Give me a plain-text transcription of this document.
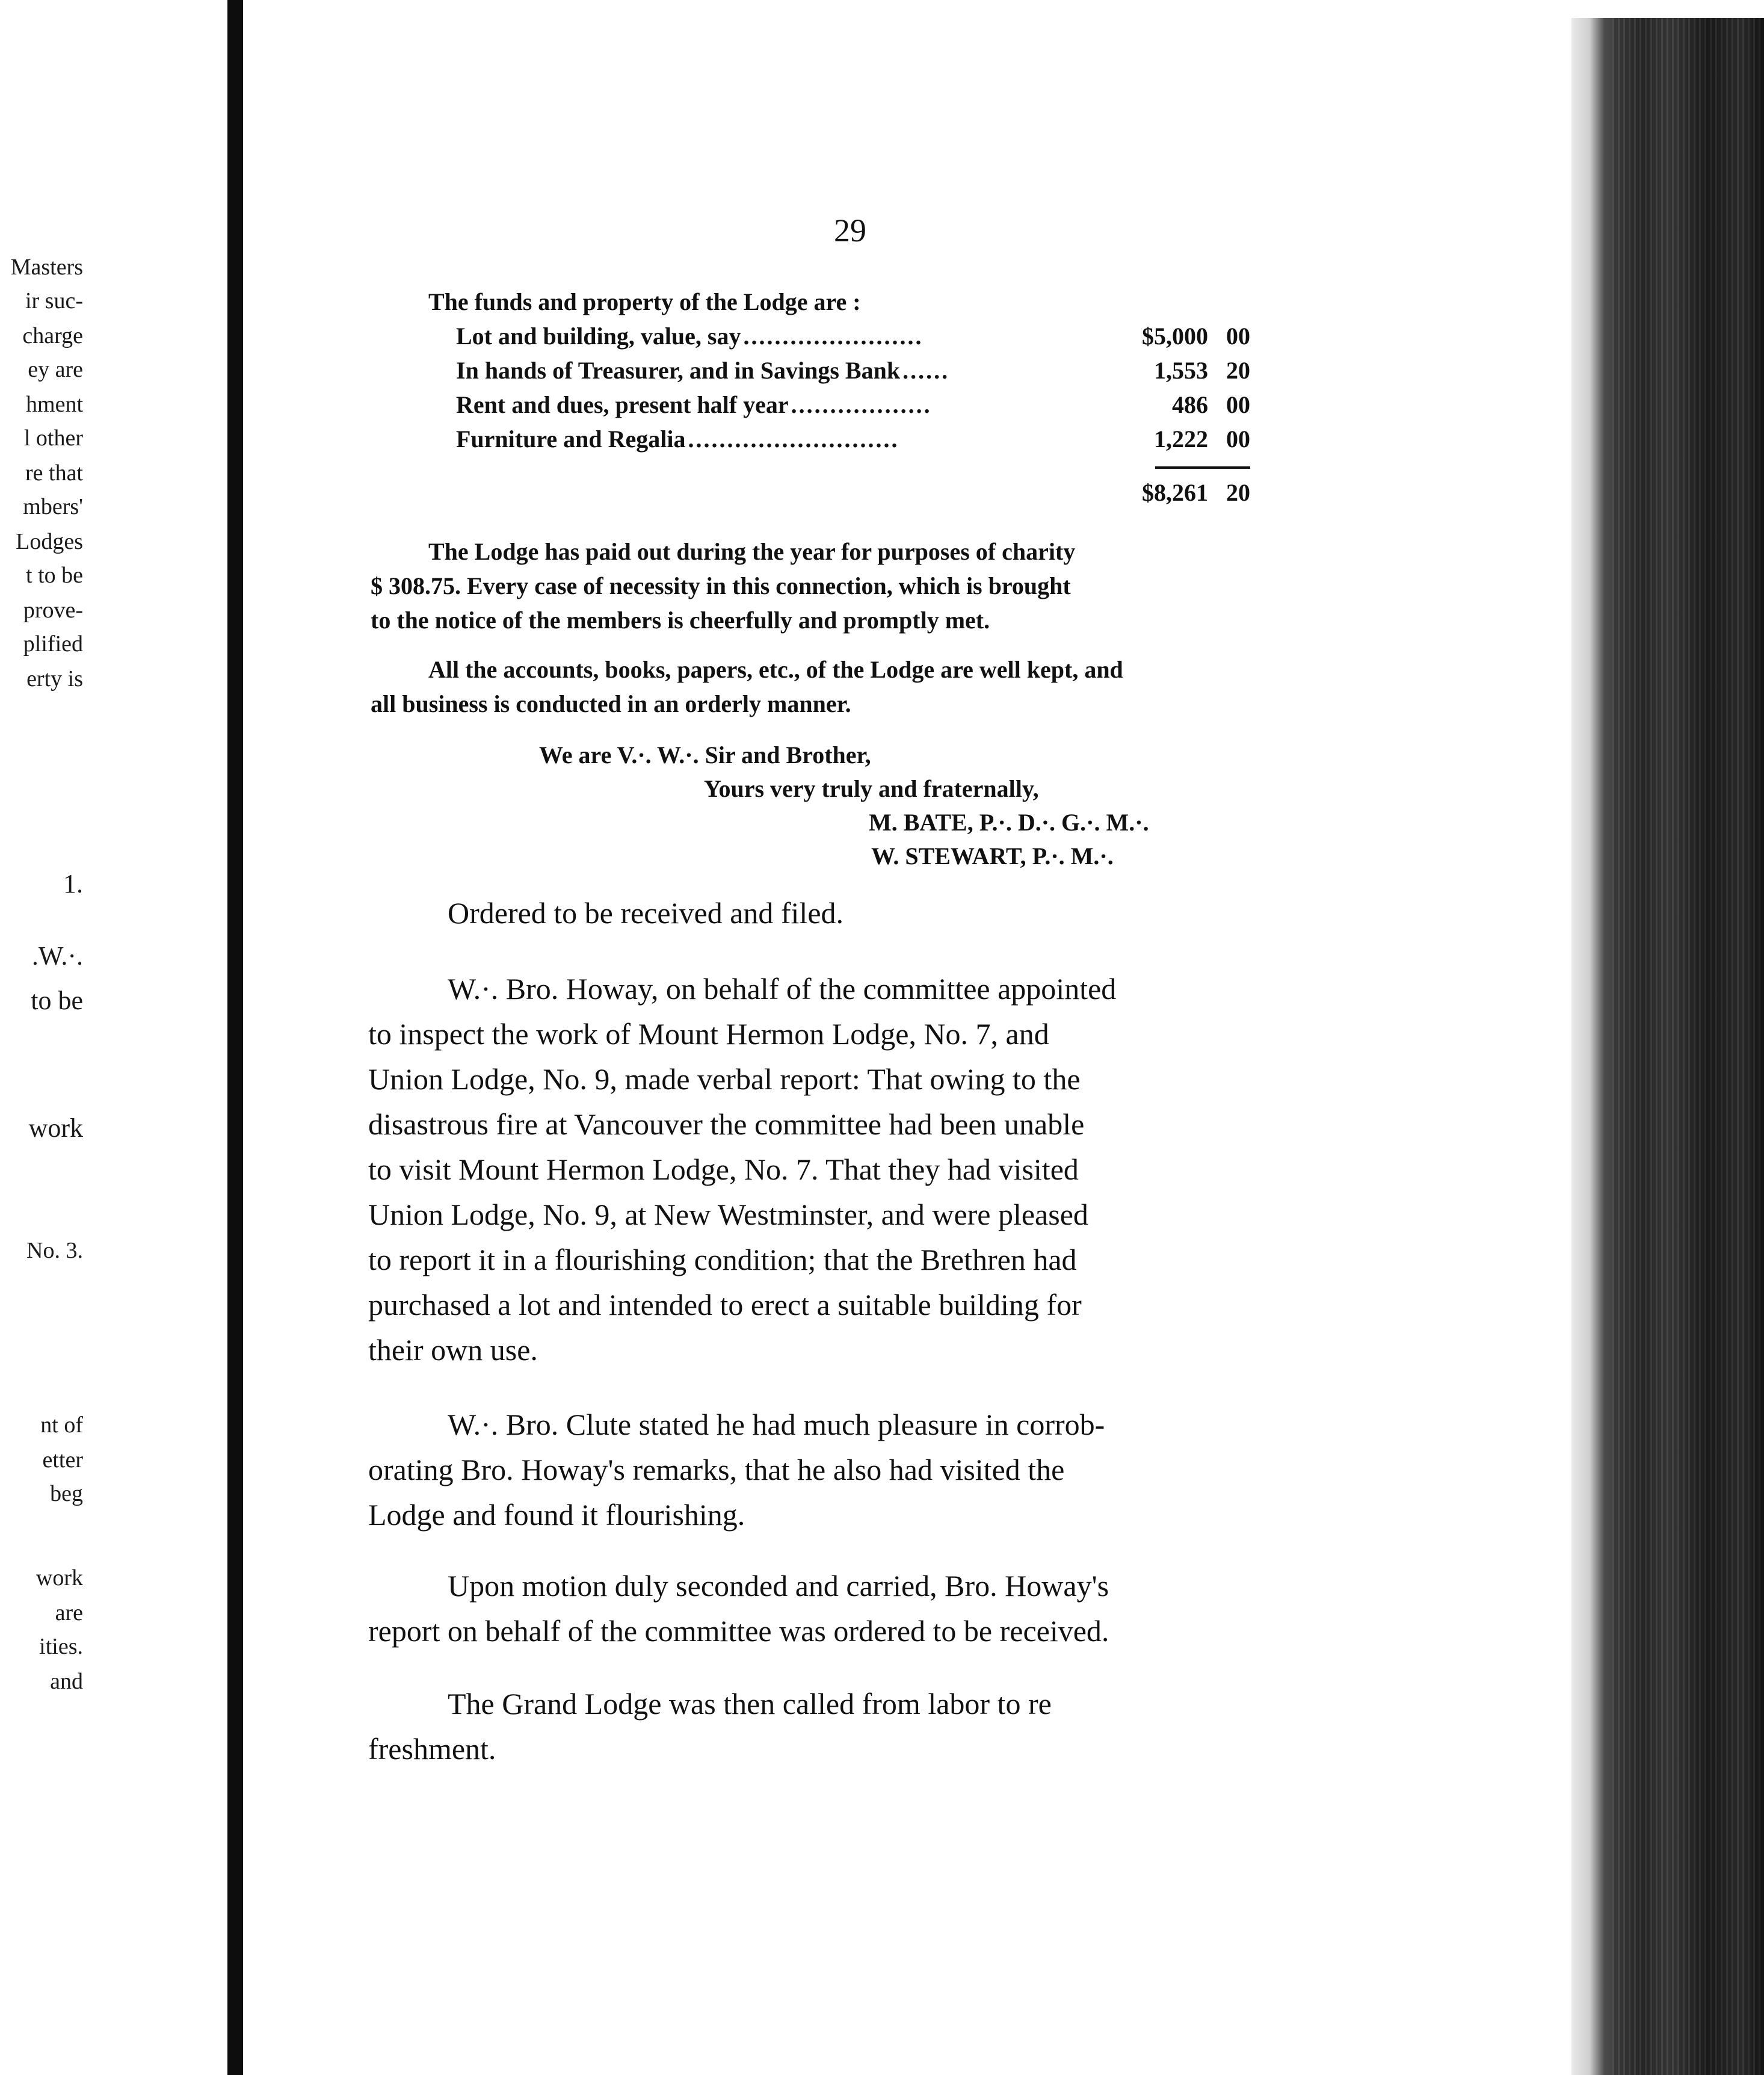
Masters
ir suc-
charge
ey are
hment
l other
re that
mbers'
Lodges
t to be
prove-
plified
erty is
1.
.W.·.
to be
work
No. 3.
nt of
etter
beg
work
are
ities.
and
29
The funds and property of the Lodge are :
Lot and building, value, say .......................	$5,000 00
In hands of Treasurer, and in Savings Bank ......	1,553 20
Rent and dues, present half year ..................	486 00
Furniture and Regalia ...........................	1,222 00
$8,261 20
The Lodge has paid out during the year for purposes of charity
$ 308.75. Every case of necessity in this connection, which is brought
to the notice of the members is cheerfully and promptly met.
All the accounts, books, papers, etc., of the Lodge are well kept, and
all business is conducted in an orderly manner.
We are V.·. W.·. Sir and Brother,
Yours very truly and fraternally,
M. BATE, P.·. D.·. G.·. M.·.
W. STEWART, P.·. M.·.
Ordered to be received and filed.
W.·. Bro. Howay, on behalf of the committee appointed
to inspect the work of Mount Hermon Lodge, No. 7, and
Union Lodge, No. 9, made verbal report: That owing to the
disastrous fire at Vancouver the committee had been unable
to visit Mount Hermon Lodge, No. 7. That they had visited
Union Lodge, No. 9, at New Westminster, and were pleased
to report it in a flourishing condition; that the Brethren had
purchased a lot and intended to erect a suitable building for
their own use.
W.·. Bro. Clute stated he had much pleasure in corrob-
orating Bro. Howay's remarks, that he also had visited the
Lodge and found it flourishing.
Upon motion duly seconded and carried, Bro. Howay's
report on behalf of the committee was ordered to be received.
The Grand Lodge was then called from labor to re
freshment.
